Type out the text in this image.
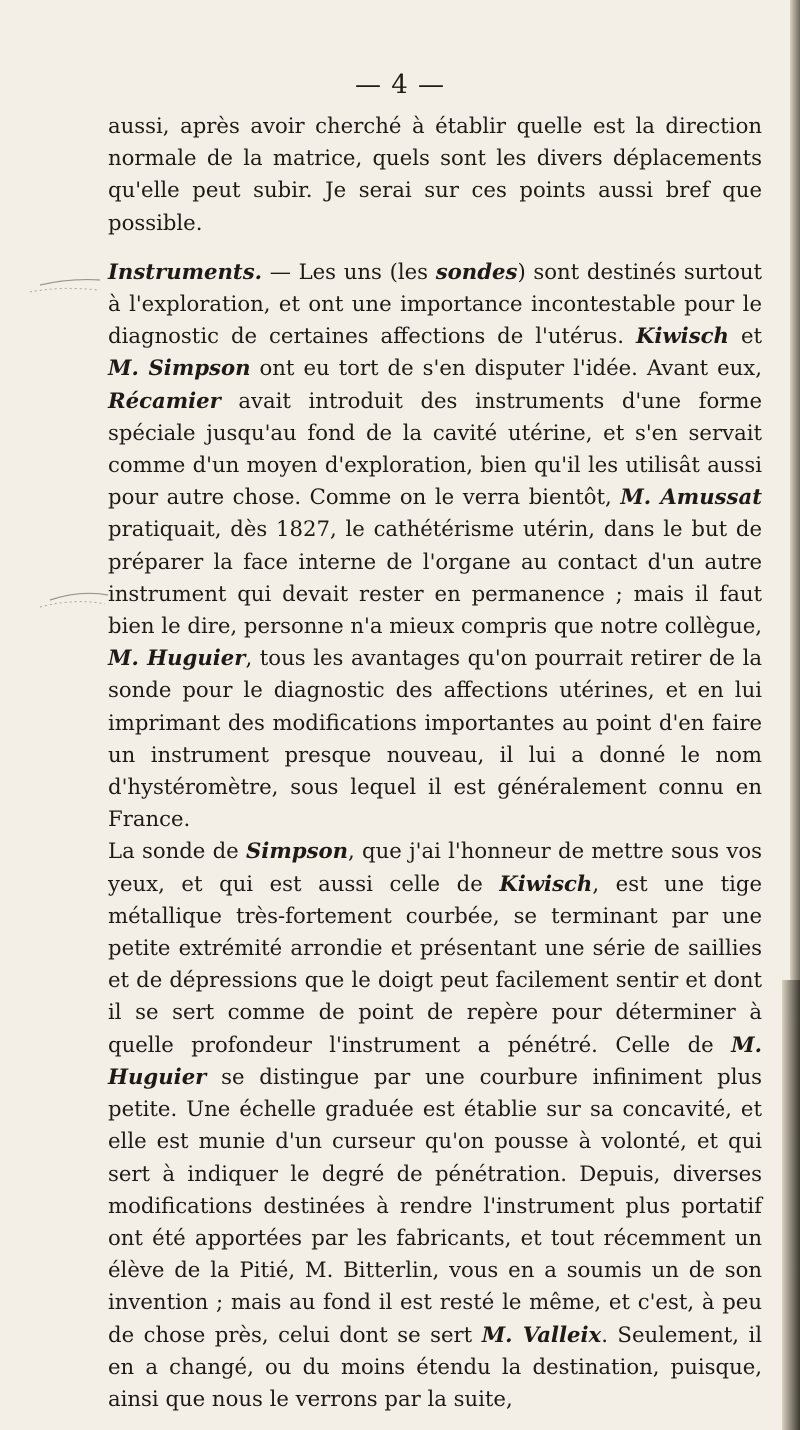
— 4 —

aussi, après avoir cherché à établir quelle est la direction normale de la matrice, quels sont les divers déplacements qu'elle peut subir. Je serai sur ces points aussi bref que possible.

Instruments. — Les uns (les sondes) sont destinés surtout à l'exploration, et ont une importance incontestable pour le diagnostic de certaines affections de l'utérus. Kiwisch et M. Simpson ont eu tort de s'en disputer l'idée. Avant eux, Récamier avait introduit des instruments d'une forme spéciale jusqu'au fond de la cavité utérine, et s'en servait comme d'un moyen d'exploration, bien qu'il les utilisât aussi pour autre chose. Comme on le verra bientôt, M. Amussat pratiquait, dès 1827, le cathétérisme utérin, dans le but de préparer la face interne de l'organe au contact d'un autre instrument qui devait rester en permanence ; mais il faut bien le dire, personne n'a mieux compris que notre collègue, M. Huguier, tous les avantages qu'on pourrait retirer de la sonde pour le diagnostic des affections utérines, et en lui imprimant des modifications importantes au point d'en faire un instrument presque nouveau, il lui a donné le nom d'hystéromètre, sous lequel il est généralement connu en France.

La sonde de Simpson, que j'ai l'honneur de mettre sous vos yeux, et qui est aussi celle de Kiwisch, est une tige métallique très-fortement courbée, se terminant par une petite extrémité arrondie et présentant une série de saillies et de dépressions que le doigt peut facilement sentir et dont il se sert comme de point de repère pour déterminer à quelle profondeur l'instrument a pénétré. Celle de M. Huguier se distingue par une courbure infiniment plus petite. Une échelle graduée est établie sur sa concavité, et elle est munie d'un curseur qu'on pousse à volonté, et qui sert à indiquer le degré de pénétration. Depuis, diverses modifications destinées à rendre l'instrument plus portatif ont été apportées par les fabricants, et tout récemment un élève de la Pitié, M. Bitterlin, vous en a soumis un de son invention ; mais au fond il est resté le même, et c'est, à peu de chose près, celui dont se sert M. Valleix. Seulement, il en a changé, ou du moins étendu la destination, puisque, ainsi que nous le verrons par la suite,
